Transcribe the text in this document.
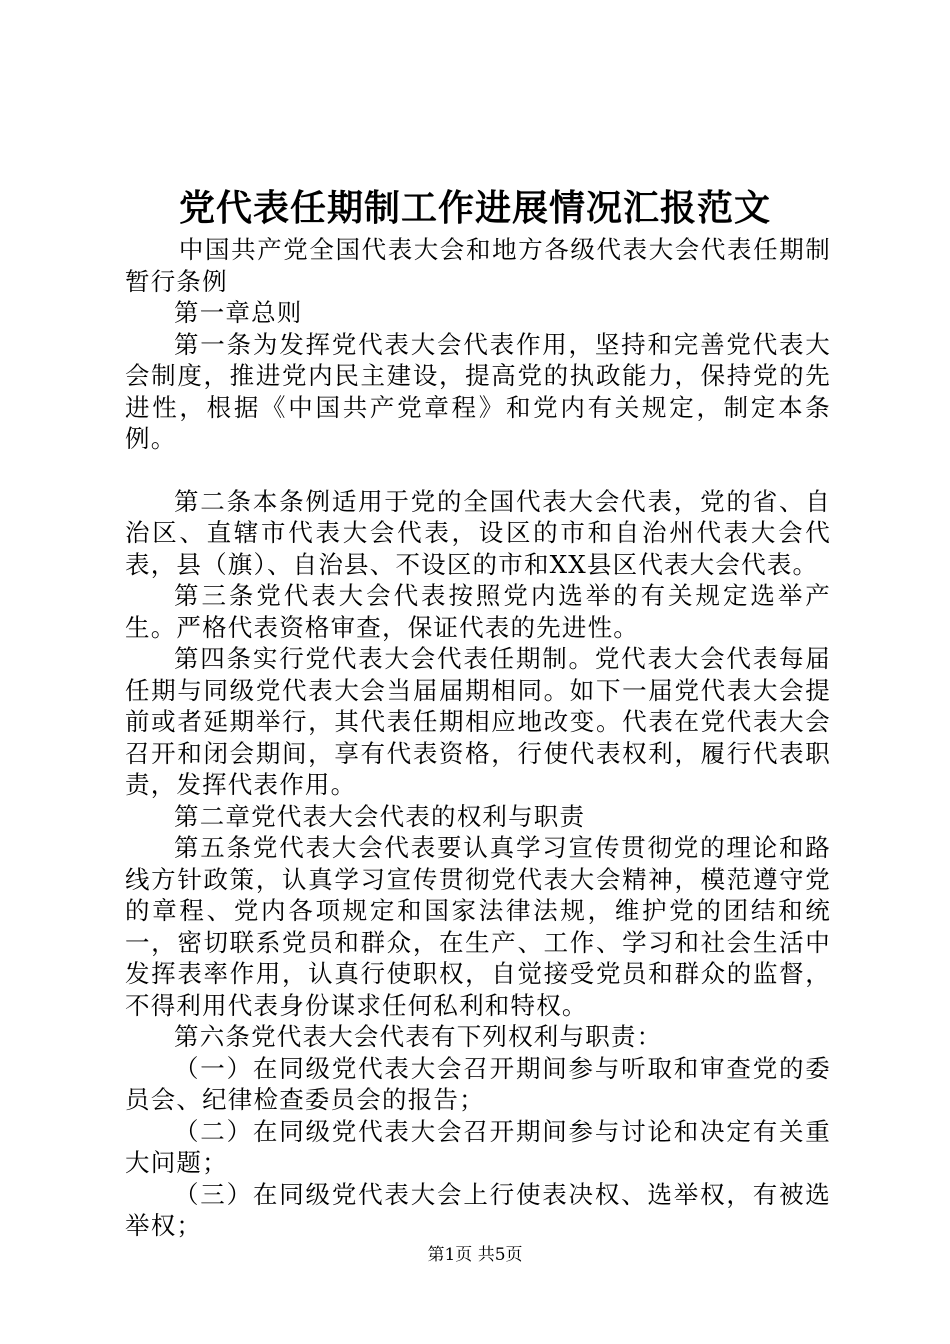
党代表任期制工作进展情况汇报范文

中国共产党全国代表大会和地方各级代表大会代表任期制暂行条例

第一章总则

第一条为发挥党代表大会代表作用，坚持和完善党代表大会制度，推进党内民主建设，提高党的执政能力，保持党的先进性，根据《中国共产党章程》和党内有关规定，制定本条例。

第二条本条例适用于党的全国代表大会代表，党的省、自治区、直辖市代表大会代表，设区的市和自治州代表大会代表，县（旗）、自治县、不设区的市和XX县区代表大会代表。

第三条党代表大会代表按照党内选举的有关规定选举产生。严格代表资格审查，保证代表的先进性。

第四条实行党代表大会代表任期制。党代表大会代表每届任期与同级党代表大会当届届期相同。如下一届党代表大会提前或者延期举行，其代表任期相应地改变。代表在党代表大会召开和闭会期间，享有代表资格，行使代表权利，履行代表职责，发挥代表作用。

第二章党代表大会代表的权利与职责

第五条党代表大会代表要认真学习宣传贯彻党的理论和路线方针政策，认真学习宣传贯彻党代表大会精神，模范遵守党的章程、党内各项规定和国家法律法规，维护党的团结和统一，密切联系党员和群众，在生产、工作、学习和社会生活中发挥表率作用，认真行使职权，自觉接受党员和群众的监督，不得利用代表身份谋求任何私利和特权。

第六条党代表大会代表有下列权利与职责：

（一）在同级党代表大会召开期间参与听取和审查党的委员会、纪律检查委员会的报告；

（二）在同级党代表大会召开期间参与讨论和决定有关重大问题；

（三）在同级党代表大会上行使表决权、选举权，有被选举权；

第1页 共5页
